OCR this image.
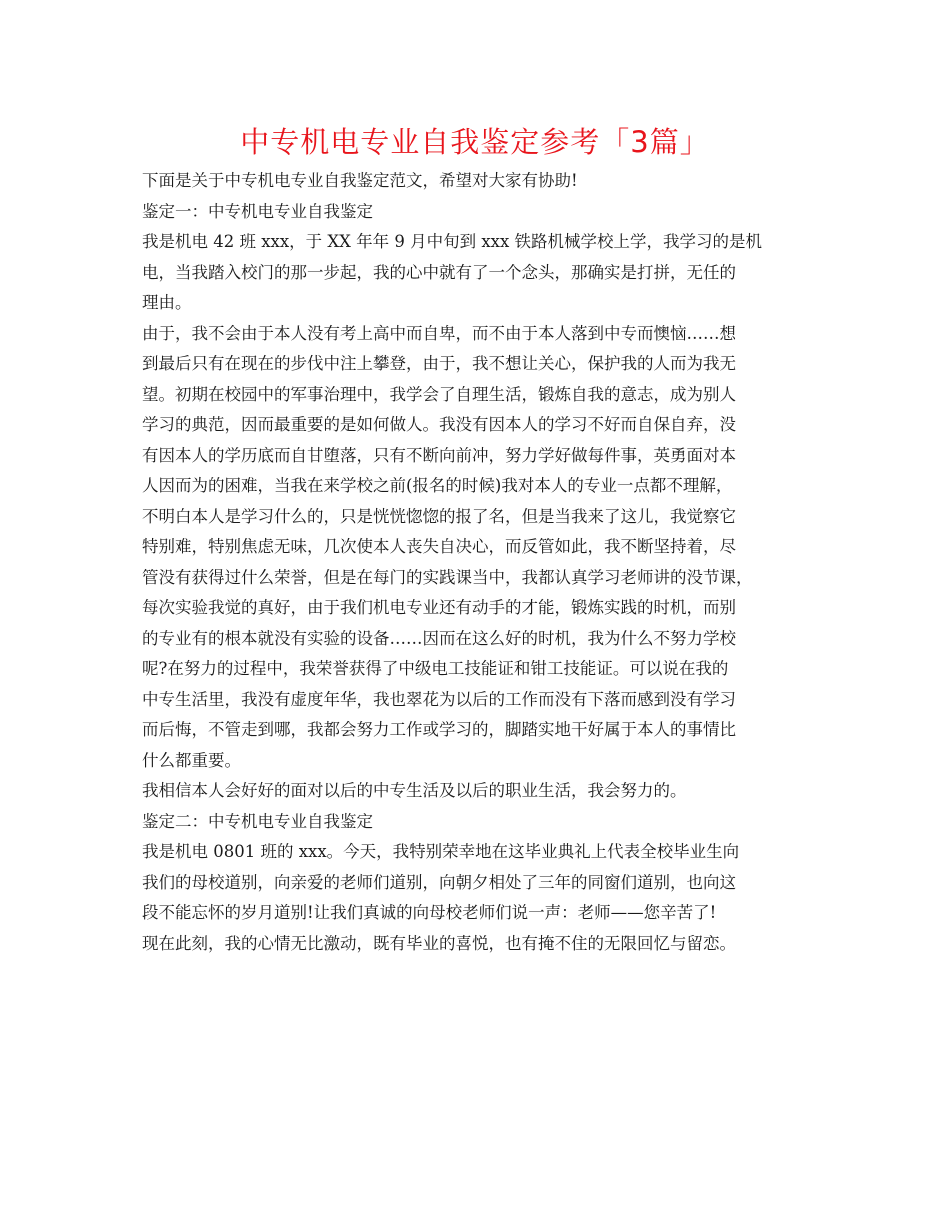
中专机电专业自我鉴定参考「3篇」

下面是关于中专机电专业自我鉴定范文，希望对大家有协助!

鉴定一：中专机电专业自我鉴定

我是机电 42 班 xxx，于 XX 年年 9 月中旬到 xxx 铁路机械学校上学，我学习的是机

电，当我踏入校门的那一步起，我的心中就有了一个念头，那确实是打拼，无任的

理由。

由于，我不会由于本人没有考上高中而自卑，而不由于本人落到中专而懊恼……想

到最后只有在现在的步伐中注上攀登，由于，我不想让关心，保护我的人而为我无

望。初期在校园中的军事治理中，我学会了自理生活，锻炼自我的意志，成为别人

学习的典范，因而最重要的是如何做人。我没有因本人的学习不好而自保自弃，没

有因本人的学历底而自甘堕落，只有不断向前冲，努力学好做每件事，英勇面对本

人因而为的困难，当我在来学校之前(报名的时候)我对本人的专业一点都不理解，

不明白本人是学习什么的，只是恍恍惚惚的报了名，但是当我来了这儿，我觉察它

特别难，特别焦虑无味，几次使本人丧失自决心，而反管如此，我不断坚持着，尽

管没有获得过什么荣誉，但是在每门的实践课当中，我都认真学习老师讲的没节课，

每次实验我觉的真好，由于我们机电专业还有动手的才能，锻炼实践的时机，而别

的专业有的根本就没有实验的设备……因而在这么好的时机，我为什么不努力学校

呢?在努力的过程中，我荣誉获得了中级电工技能证和钳工技能证。可以说在我的

中专生活里，我没有虚度年华，我也翠花为以后的工作而没有下落而感到没有学习

而后悔，不管走到哪，我都会努力工作或学习的，脚踏实地干好属于本人的事情比

什么都重要。

我相信本人会好好的面对以后的中专生活及以后的职业生活，我会努力的。

鉴定二：中专机电专业自我鉴定

我是机电 0801 班的 xxx。今天，我特别荣幸地在这毕业典礼上代表全校毕业生向

我们的母校道别，向亲爱的老师们道别，向朝夕相处了三年的同窗们道别，也向这

段不能忘怀的岁月道别!让我们真诚的向母校老师们说一声：老师——您辛苦了!

现在此刻，我的心情无比激动，既有毕业的喜悦，也有掩不住的无限回忆与留恋。
